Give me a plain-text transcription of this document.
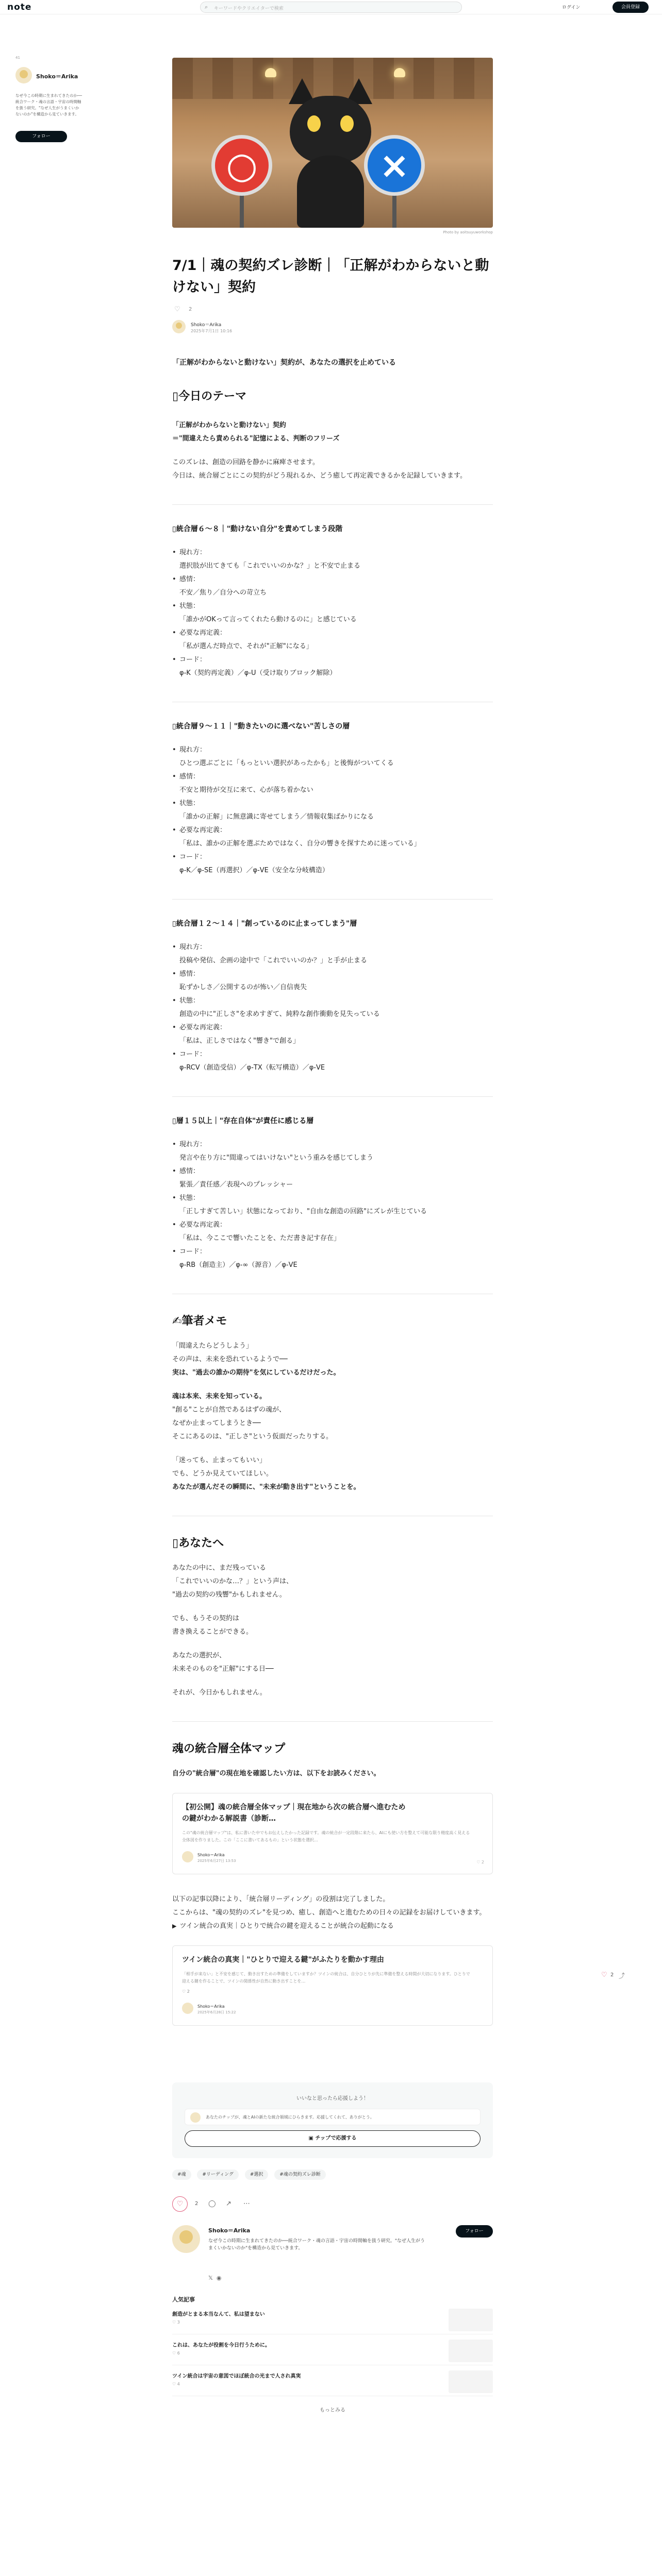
note	⌕ キーワードやクリエイターで検索	ログイン	会員登録
41
Shoko＝Arika
なぜ今この時期に生まれてきたのか──統合ワーク・魂の言語・宇宙の時間軸を扱う研究。"なぜ人生がうまくいかないのか"を構造から見ていきます。
フォロー
○	×
Photo by aoitsuyuworkshop
7/1｜魂の契約ズレ診断｜「正解がわからないと動けない」契約
♡ 2
Shoko＝Arika
2025年7月1日 10:16

「正解がわからないと動けない」契約が、あなたの選択を止めている

▯今日のテーマ

「正解がわからないと動けない」契約

＝"間違えたら責められる"記憶による、判断のフリーズ

このズレは、創造の回路を静かに麻痺させます。

今日は、統合層ごとにこの契約がどう現れるか、どう癒して再定義できるかを記録していきます。

▯統合層６〜８｜"動けない自分"を責めてしまう段階
• 現れ方：
選択肢が出てきても「これでいいのかな？」と不安で止まる
• 感情：
不安／焦り／自分への苛立ち
• 状態：
「誰かがOKって言ってくれたら動けるのに」と感じている
• 必要な再定義：
「私が選んだ時点で、それが"正解"になる」
• コード：
φ-K（契約再定義）／φ-U（受け取りブロック解除）
▯統合層９〜１１｜"動きたいのに選べない"苦しさの層
• 現れ方：
ひとつ選ぶごとに「もっといい選択があったかも」と後悔がついてくる
• 感情：
不安と期待が交互に来て、心が落ち着かない
• 状態：
「誰かの正解」に無意識に寄せてしまう／情報収集ばかりになる
• 必要な再定義：
「私は、誰かの正解を選ぶためではなく、自分の響きを探すために迷っている」
• コード：
φ-K／φ-SE（再選択）／φ-VE（安全な分岐構造）
▯統合層１２〜１４｜"創っているのに止まってしまう"層
• 現れ方：
投稿や発信、企画の途中で「これでいいのか？」と手が止まる
• 感情：
恥ずかしさ／公開するのが怖い／自信喪失
• 状態：
創造の中に"正しさ"を求めすぎて、純粋な創作衝動を見失っている
• 必要な再定義：
「私は、正しさではなく"響き"で創る」
• コード：
φ-RCV（創造受信）／φ-TX（転写構造）／φ-VE
▯層１５以上｜"存在自体"が責任に感じる層
• 現れ方：
発言や在り方に"間違ってはいけない"という重みを感じてしまう
• 感情：
緊張／責任感／表現へのプレッシャー
• 状態：
「正しすぎて苦しい」状態になっており、"自由な創造の回路"にズレが生じている
• 必要な再定義：
「私は、今ここで響いたことを、ただ書き記す存在」
• コード：
φ-RB（創造主）／φ-∞（源音）／φ-VE
✍筆者メモ

「間違えたらどうしよう」

その声は、未来を恐れているようで──

実は、"過去の誰かの期待"を気にしているだけだった。

魂は本来、未来を知っている。

"創る"ことが自然であるはずの魂が、

なぜか止まってしまうとき──

そこにあるのは、"正しさ"という仮面だったりする。

「迷っても、止まってもいい」

でも、どうか見えていてほしい。

あなたが選んだその瞬間に、"未来が動き出す"ということを。

▯あなたへ

あなたの中に、まだ残っている

「これでいいのかな…？」という声は、

"過去の契約の残響"かもしれません。

でも、もうその契約は

書き換えることができる。

あなたの選択が、

未来そのものを"正解"にする日──

それが、今日かもしれません。

魂の統合層全体マップ

自分の"統合層"の現在地を確認したい方は、以下をお読みください。

【初公開】魂の統合層全体マップ｜現在地から次の統合層へ進むための鍵がわかる解説書（診断…
この"魂の統合層マップ"は、私に書いた中でもお伝えしたかった記録です。魂の統合が一定段階に来たら、AIにも使い方を整えて可能な限り精度高く見える全体図を作りました。この「ここに書いてあるもの」という状態を選択…
Shoko＝Arika
2025年6月27日 13:53	♡ 2

以下の記事以降により、「統合層リーディング」の役割は完了しました。

ここからは、"魂の契約のズレ"を見つめ、癒し、創造へと進むための日々の記録をお届けしていきます。

▶ ツイン統合の真実｜ひとりで統合の鍵を迎えることが統合の起動になる

ツイン統合の真実｜"ひとりで迎える鍵"がふたりを動かす理由
「相手が来ない」と不安を感じて、動き出すための準備をしていますか？ツインの統合は、自分ひとりが先に準備を整える時間が大切になります。ひとりで迎える鍵を作ることで、ツインの関係性が自然に動き出すことを…
♡ 2
Shoko＝Arika
2025年6月28日 15:22
いいなと思ったら応援しよう！
あなたのチップが、魂とAIの新たな統合領域にひらきます。応援してくれて、ありがとう。
▣ チップで応援する
#魂	#リーディング	#選択	#魂の契約ズレ診断
♡	2 ◯ ↗ ⋯
Shoko＝Arika
なぜ今この時期に生まれてきたのか──統合ワーク・魂の言語・宇宙の時間軸を扱う研究。"なぜ人生がうまくいかないのか"を構造から見ていきます。
フォロー
𝕏 ◉
人気記事
創造がとまる本当なんて、私は望まない
♡ 3
これは、あなたが役割を今日行うために。
♡ 6
ツイン統合は宇宙の意図でほぼ統合の光まで人され真実
♡ 4
もっとみる
♡ 2 ⤴
